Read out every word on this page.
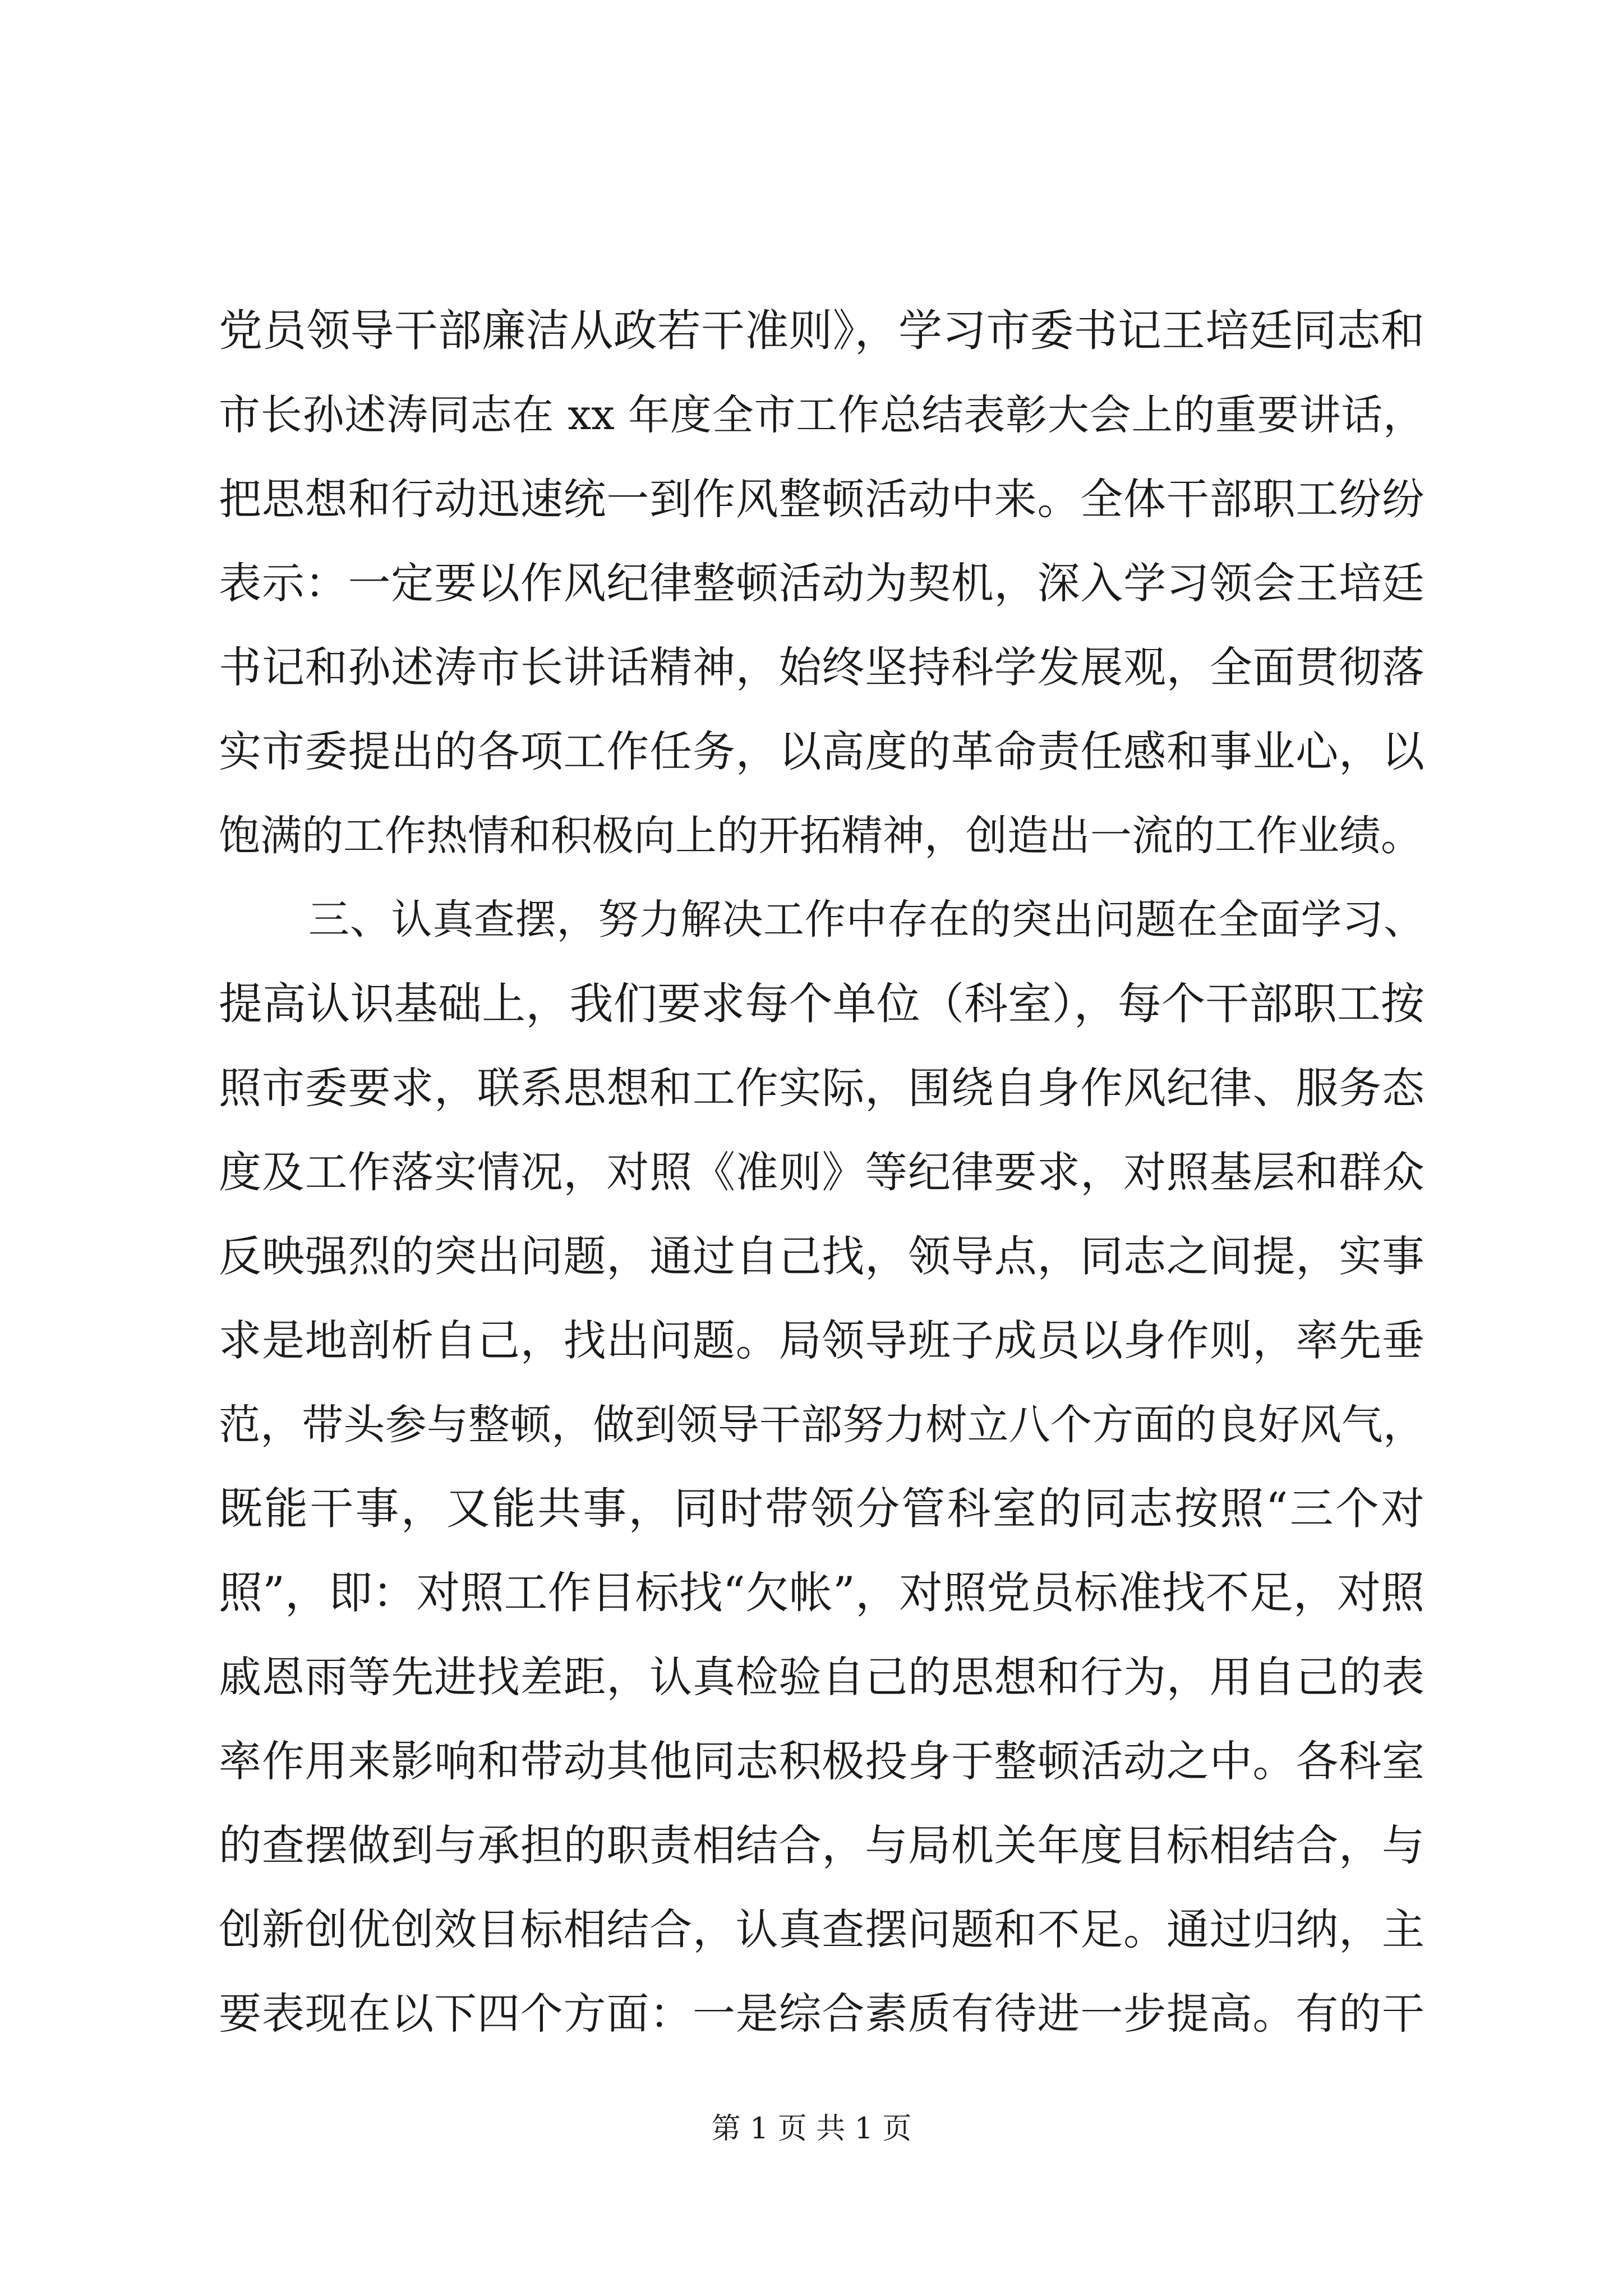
党员领导干部廉洁从政若干准则》，学习市委书记王培廷同志和
市长孙述涛同志在 xx 年度全市工作总结表彰大会上的重要讲话，
把思想和行动迅速统一到作风整顿活动中来。全体干部职工纷纷
表示：一定要以作风纪律整顿活动为契机，深入学习领会王培廷
书记和孙述涛市长讲话精神，始终坚持科学发展观，全面贯彻落
实市委提出的各项工作任务，以高度的革命责任感和事业心，以
饱满的工作热情和积极向上的开拓精神，创造出一流的工作业绩。
三、认真查摆，努力解决工作中存在的突出问题在全面学习、
提高认识基础上，我们要求每个单位（科室），每个干部职工按
照市委要求，联系思想和工作实际，围绕自身作风纪律、服务态
度及工作落实情况，对照《准则》等纪律要求，对照基层和群众
反映强烈的突出问题，通过自己找，领导点，同志之间提，实事
求是地剖析自己，找出问题。局领导班子成员以身作则，率先垂
范，带头参与整顿，做到领导干部努力树立八个方面的良好风气，
既能干事，又能共事，同时带领分管科室的同志按照“三个对
照”，即：对照工作目标找“欠帐”，对照党员标准找不足，对照
戚恩雨等先进找差距，认真检验自己的思想和行为，用自己的表
率作用来影响和带动其他同志积极投身于整顿活动之中。各科室
的查摆做到与承担的职责相结合，与局机关年度目标相结合，与
创新创优创效目标相结合，认真查摆问题和不足。通过归纳，主
要表现在以下四个方面：一是综合素质有待进一步提高。有的干
第 1 页 共 1 页
